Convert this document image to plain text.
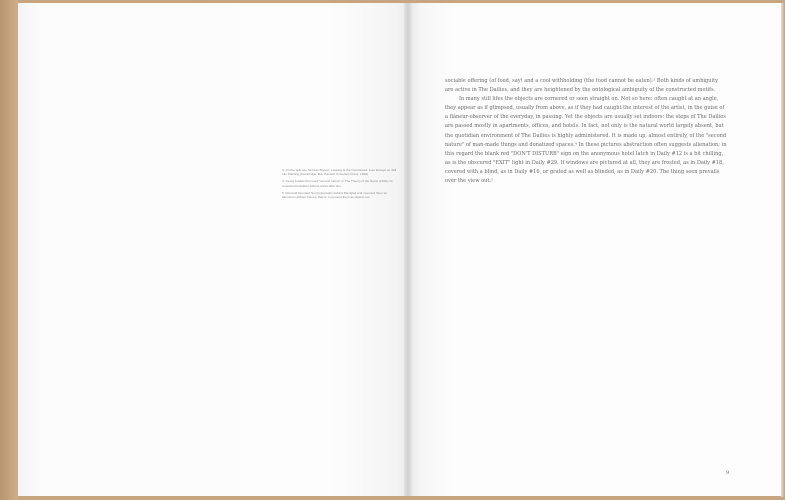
3. On the split see Norman Bryson, Looking at the Overlooked: Four Essays on Still Life Painting (Cambridge, MA: Harvard University Press, 1990).
4. Georg Lukács first used "second nature" in The Theory of the Novel (1916); its renowned Frankfurt School critics after him.
5. Demand intended his photographs behind Plexiglas and mounted them as aluminum without frames; that is, to present them as objects too.

sociable offering (of food, say) and a cool withholding (the food cannot be eaten).³ Both kinds of ambiguity are active in The Dailies, and they are heightened by the ontological ambiguity of the constructed motifs.

In many still lifes the objects are cornered or seen straight on. Not so here: often caught at an angle, they appear as if glimpsed, usually from above, as if they had caught the interest of the artist, in the guise of a flâneur-observer of the everyday, in passing. Yet the objects are usually set indoors: the steps of The Dailies are passed mostly in apartments, offices, and hotels. In fact, not only is the natural world largely absent, but the quotidian environment of The Dailies is highly administered. It is made up, almost entirely, of the "second nature" of man-made things and donatized spaces.⁴ In these pictures abstraction often suggests alienation; in this regard the blank red "DON'T DISTURB" sign on the anonymous hotel latch in Daily #12 is a bit chilling, as is the obscured "EXIT" light in Daily #29. If windows are pictured at all, they are frosted, as in Daily #18, covered with a blind, as in Daily #16, or grated as well as blinded, as in Daily #20. The thing seen prevails over the view out.⁵

9
